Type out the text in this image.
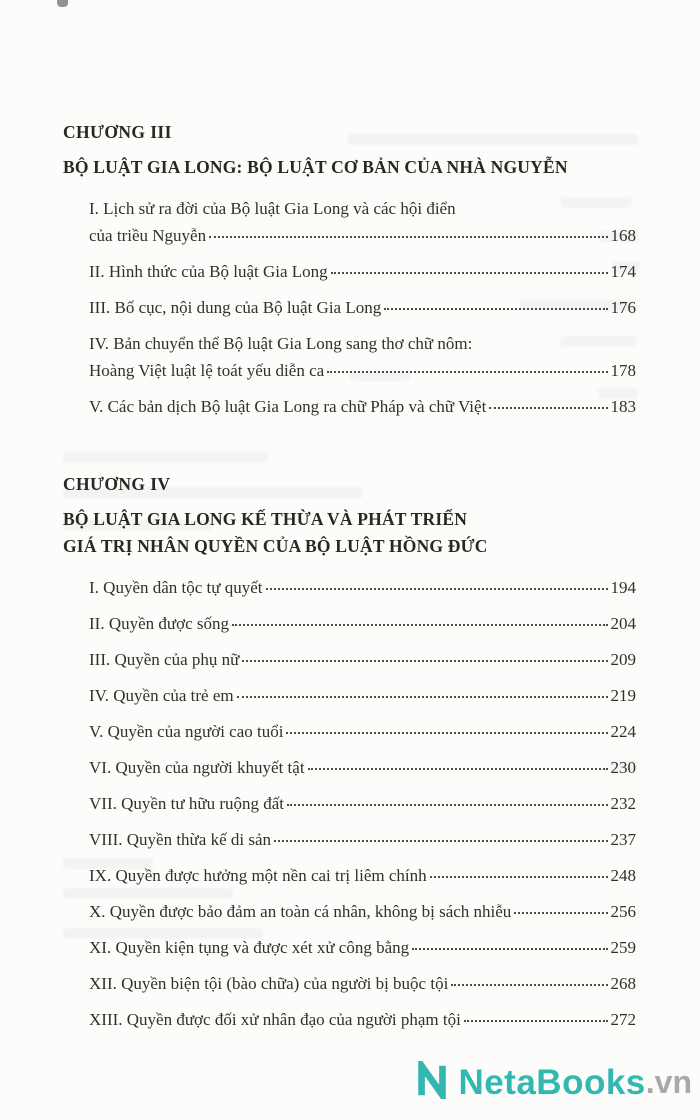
CHƯƠNG III
BỘ LUẬT GIA LONG: BỘ LUẬT CƠ BẢN CỦA NHÀ NGUYỄN
I. Lịch sử ra đời của Bộ luật Gia Long và các hội điển
của triều Nguyễn	168
II. Hình thức của Bộ luật Gia Long	174
III. Bố cục, nội dung của Bộ luật Gia Long	176
IV. Bản chuyển thể Bộ luật Gia Long sang thơ chữ nôm:
Hoàng Việt luật lệ toát yếu diễn ca	178
V. Các bản dịch Bộ luật Gia Long ra chữ Pháp và chữ Việt	183
CHƯƠNG IV
BỘ LUẬT GIA LONG KẾ THỪA VÀ PHÁT TRIỂN
GIÁ TRỊ NHÂN QUYỀN CỦA BỘ LUẬT HỒNG ĐỨC
I. Quyền dân tộc tự quyết	194
II. Quyền được sống	204
III. Quyền của phụ nữ	209
IV. Quyền của trẻ em	219
V. Quyền của người cao tuổi	224
VI. Quyền của người khuyết tật	230
VII. Quyền tư hữu ruộng đất	232
VIII. Quyền thừa kế di sản	237
IX. Quyền được hưởng một nền cai trị liêm chính	248
X. Quyền được bảo đảm an toàn cá nhân, không bị sách nhiễu	256
XI. Quyền kiện tụng và được xét xử công bằng	259
XII. Quyền biện tội (bào chữa) của người bị buộc tội	268
XIII. Quyền được đối xử nhân đạo của người phạm tội	272
NetaBooks .vn
